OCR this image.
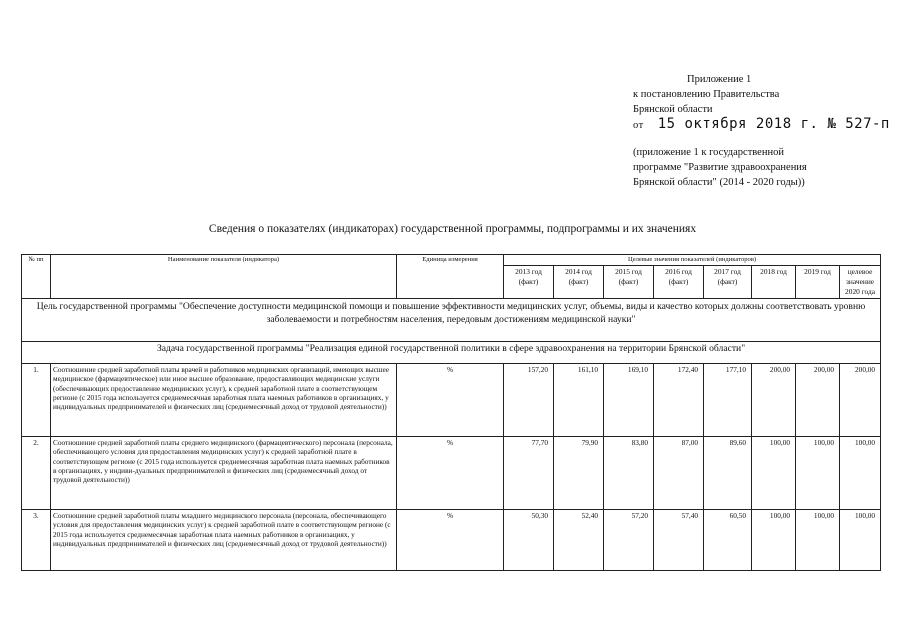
Приложение 1
к постановлению Правительства
Брянской области
от 15 октября 2018 г. № 527-п
(приложение 1 к государственной
программе "Развитие здравоохранения
Брянской области" (2014 - 2020 годы))
Сведения о показателях (индикаторах) государственной программы, подпрограммы и их значениях
№ пп	Наименование показателя (индикатора)	Единица измерения	Целевые значения показателей (индикаторов)							
			2013 год (факт)	2014 год (факт)	2015 год (факт)	2016 год (факт)	2017 год (факт)	2018 год	2019 год	целевое значение 2020 года
Цель государственной программы "Обеспечение доступности медицинской помощи и повышение эффективности медицинских услуг, объемы, виды и качество которых должны соответствовать уровню заболеваемости и потребностям населения, передовым достижениям медицинской науки"										
Задача государственной программы "Реализация единой государственной политики в сфере здравоохранения на территории Брянской области"										
1.	Соотношение средней заработной платы врачей и работников медицинских организаций, имеющих высшее медицинское (фармацевтическое) или иное высшее образование, предоставляющих медицинские услуги (обеспечивающих предоставление медицинских услуг), к средней заработной плате в соответствующем регионе (с 2015 года используется среднемесячная заработная плата наемных работников в организациях, у индивидуальных предпринимателей и физических лиц (среднемесячный доход от трудовой деятельности))	%	157,20	161,10	169,10	172,40	177,10	200,00	200,00	200,00
2.	Соотношение средней заработной платы среднего медицинского (фармацевтического) персонала (персонала, обеспечивающего условия для предоставления медицинских услуг) к средней заработной плате в соответствующем регионе (с 2015 года используется среднемесячная заработная плата наемных работников в организациях, у индиви-дуальных предпринимателей и физических лиц (среднемесячный доход от трудовой деятельности))	%	77,70	79,90	83,80	87,00	89,60	100,00	100,00	100,00
3.	Соотношение средней заработной платы младшего медицинского персонала (персонала, обеспечивающего условия для предоставления медицинских услуг) к средней заработной плате в соответствующем регионе (с 2015 года используется среднемесячная заработная плата наемных работников в организациях, у индивидуальных предпринимателей и физических лиц (среднемесячный доход от трудовой деятельности))	%	50,30	52,40	57,20	57,40	60,50	100,00	100,00	100,00
